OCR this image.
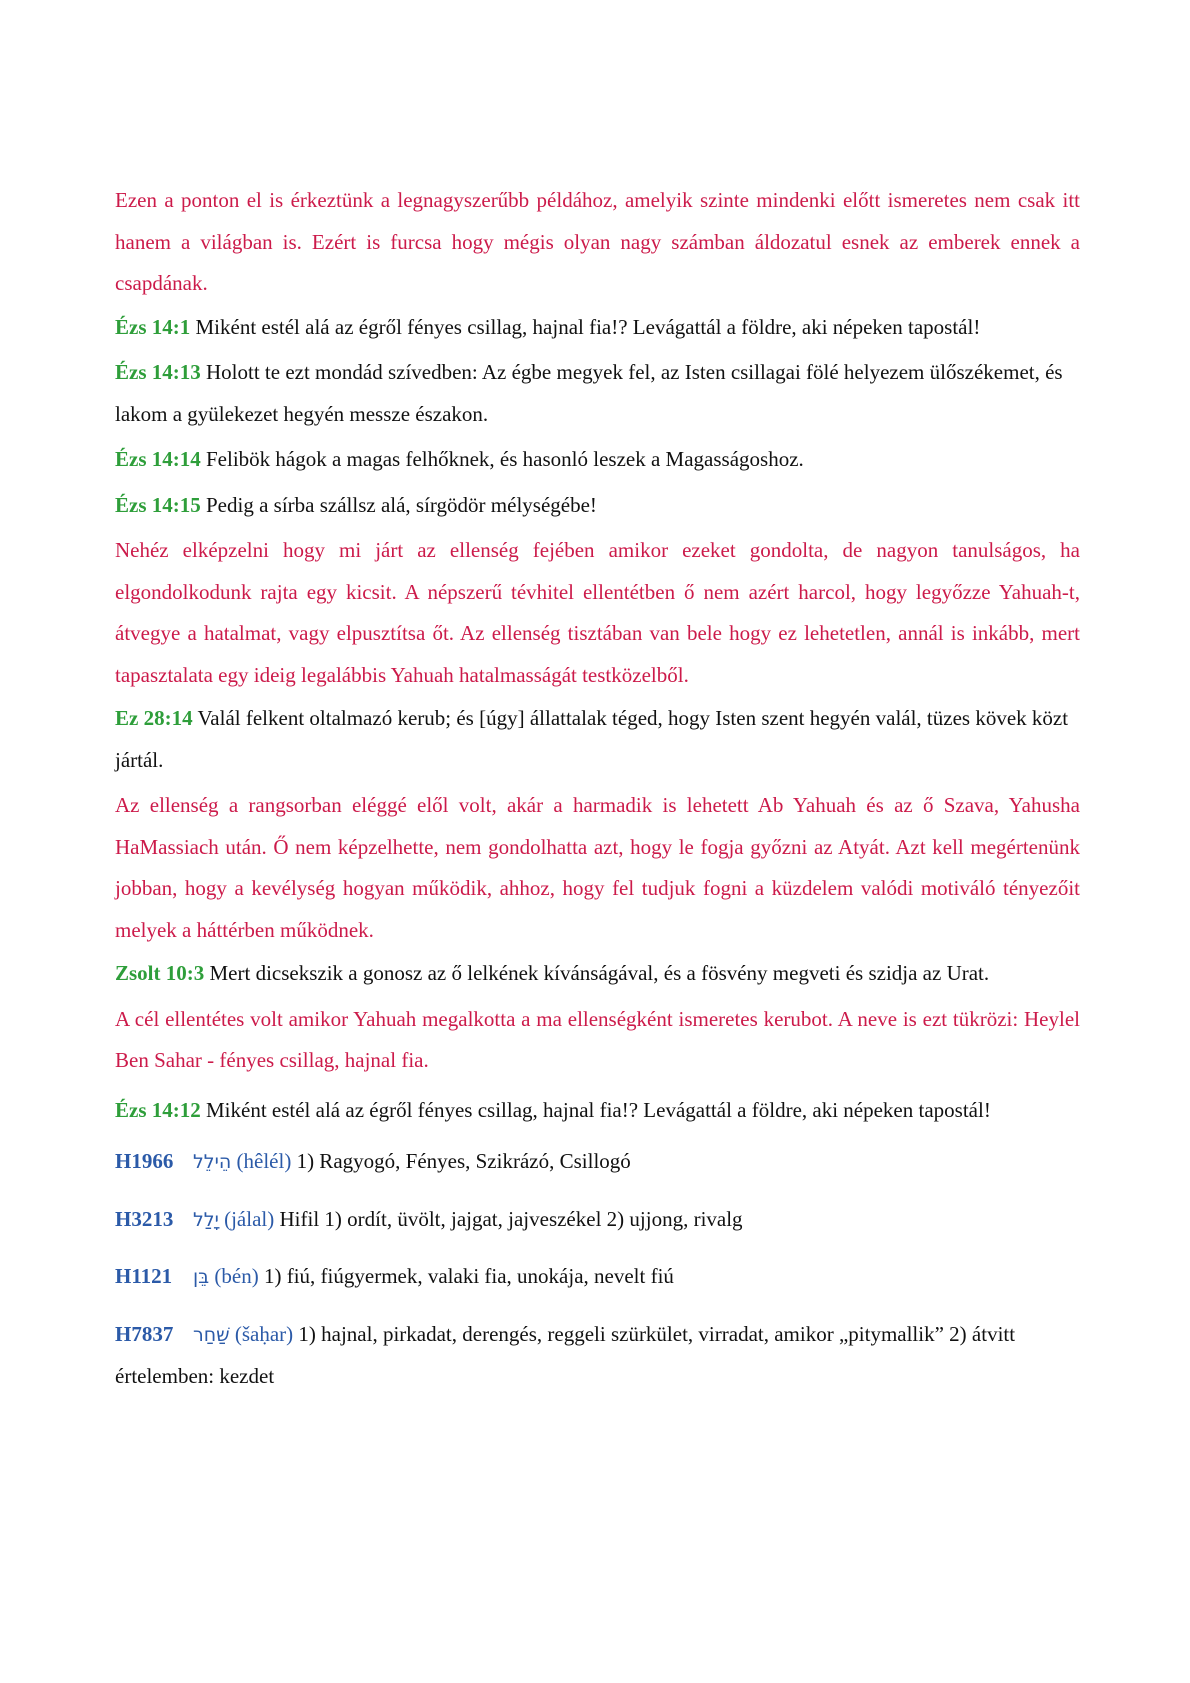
Ezen a ponton el is érkeztünk a legnagyszerűbb példához, amelyik szinte mindenki előtt ismeretes nem csak itt hanem a világban is. Ezért is furcsa hogy mégis olyan nagy számban áldozatul esnek az emberek ennek a csapdának.

Ézs 14:1 Miként estél alá az égről fényes csillag, hajnal fia!? Levágattál a földre, aki népeken tapostál!

Ézs 14:13 Holott te ezt mondád szívedben: Az égbe megyek fel, az Isten csillagai fölé helyezem ülőszékemet, és lakom a gyülekezet hegyén messze északon.

Ézs 14:14 Felibök hágok a magas felhőknek, és hasonló leszek a Magasságoshoz.

Ézs 14:15 Pedig a sírba szállsz alá, sírgödör mélységébe!

Nehéz elképzelni hogy mi járt az ellenség fejében amikor ezeket gondolta, de nagyon tanulságos, ha elgondolkodunk rajta egy kicsit. A népszerű tévhitel ellentétben ő nem azért harcol, hogy legyőzze Yahuah-t, átvegye a hatalmat, vagy elpusztítsa őt. Az ellenség tisztában van bele hogy ez lehetetlen, annál is inkább, mert tapasztalata egy ideig legalábbis Yahuah hatalmasságát testközelből.

Ez 28:14 Valál felkent oltalmazó kerub; és [úgy] állattalak téged, hogy Isten szent hegyén valál, tüzes kövek közt jártál.

Az ellenség a rangsorban eléggé elől volt, akár a harmadik is lehetett Ab Yahuah és az ő Szava, Yahusha HaMassiach után. Ő nem képzelhette, nem gondolhatta azt, hogy le fogja győzni az Atyát. Azt kell megértenünk jobban, hogy a kevélység hogyan működik, ahhoz, hogy fel tudjuk fogni a küzdelem valódi motiváló tényezőit melyek a háttérben működnek.

Zsolt 10:3 Mert dicsekszik a gonosz az ő lelkének kívánságával, és a fösvény megveti és szidja az Urat.

A cél ellentétes volt amikor Yahuah megalkotta a ma ellenségként ismeretes kerubot. A neve is ezt tükrözi: Heylel Ben Sahar - fényes csillag, hajnal fia.

Ézs 14:12 Miként estél alá az égről fényes csillag, hajnal fia!? Levágattál a földre, aki népeken tapostál!

H1966 הֵילֵל (hêlél) 1) Ragyogó, Fényes, Szikrázó, Csillogó

H3213 יָלַל (jálal) Hifil 1) ordít, üvölt, jajgat, jajveszékel 2) ujjong, rivalg

H1121 בֵּן (bén) 1) fiú, fiúgyermek, valaki fia, unokája, nevelt fiú

H7837 שַׁחַר (šaḥar) 1) hajnal, pirkadat, derengés, reggeli szürkület, virradat, amikor „pitymallik” 2) átvitt értelemben: kezdet
